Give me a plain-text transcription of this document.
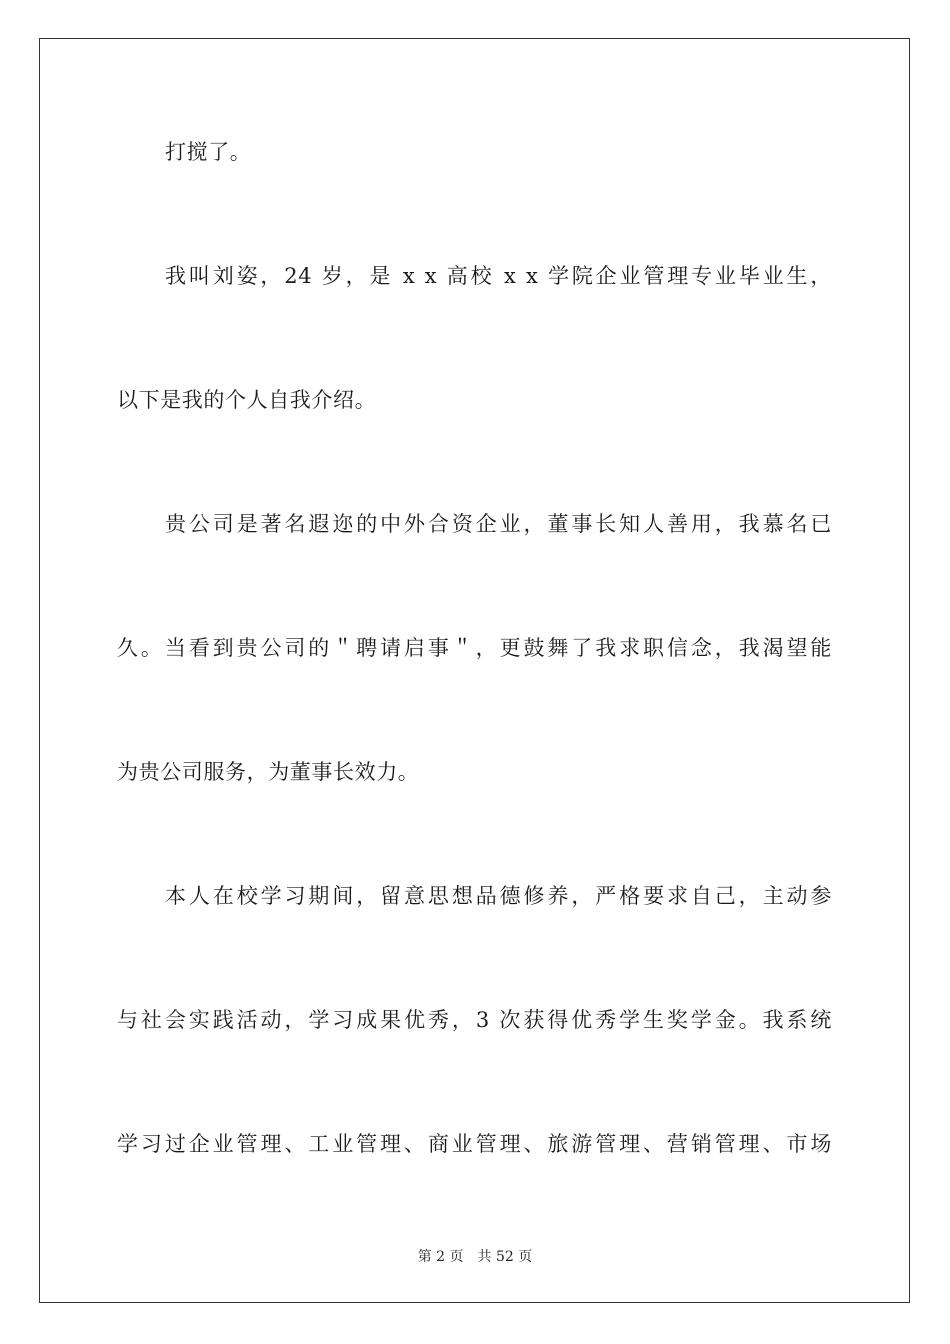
打搅了。
我叫刘姿，24 岁，是 x x 高校 x x 学院企业管理专业毕业生，
以下是我的个人自我介绍。
贵公司是著名遐迩的中外合资企业，董事长知人善用，我慕名已
久。当看到贵公司的＂聘请启事＂，更鼓舞了我求职信念，我渴望能
为贵公司服务，为董事长效力。
本人在校学习期间，留意思想品德修养，严格要求自己，主动参
与社会实践活动，学习成果优秀，3 次获得优秀学生奖学金。我系统
学习过企业管理、工业管理、商业管理、旅游管理、营销管理、市场
第 2 页 共 52 页
